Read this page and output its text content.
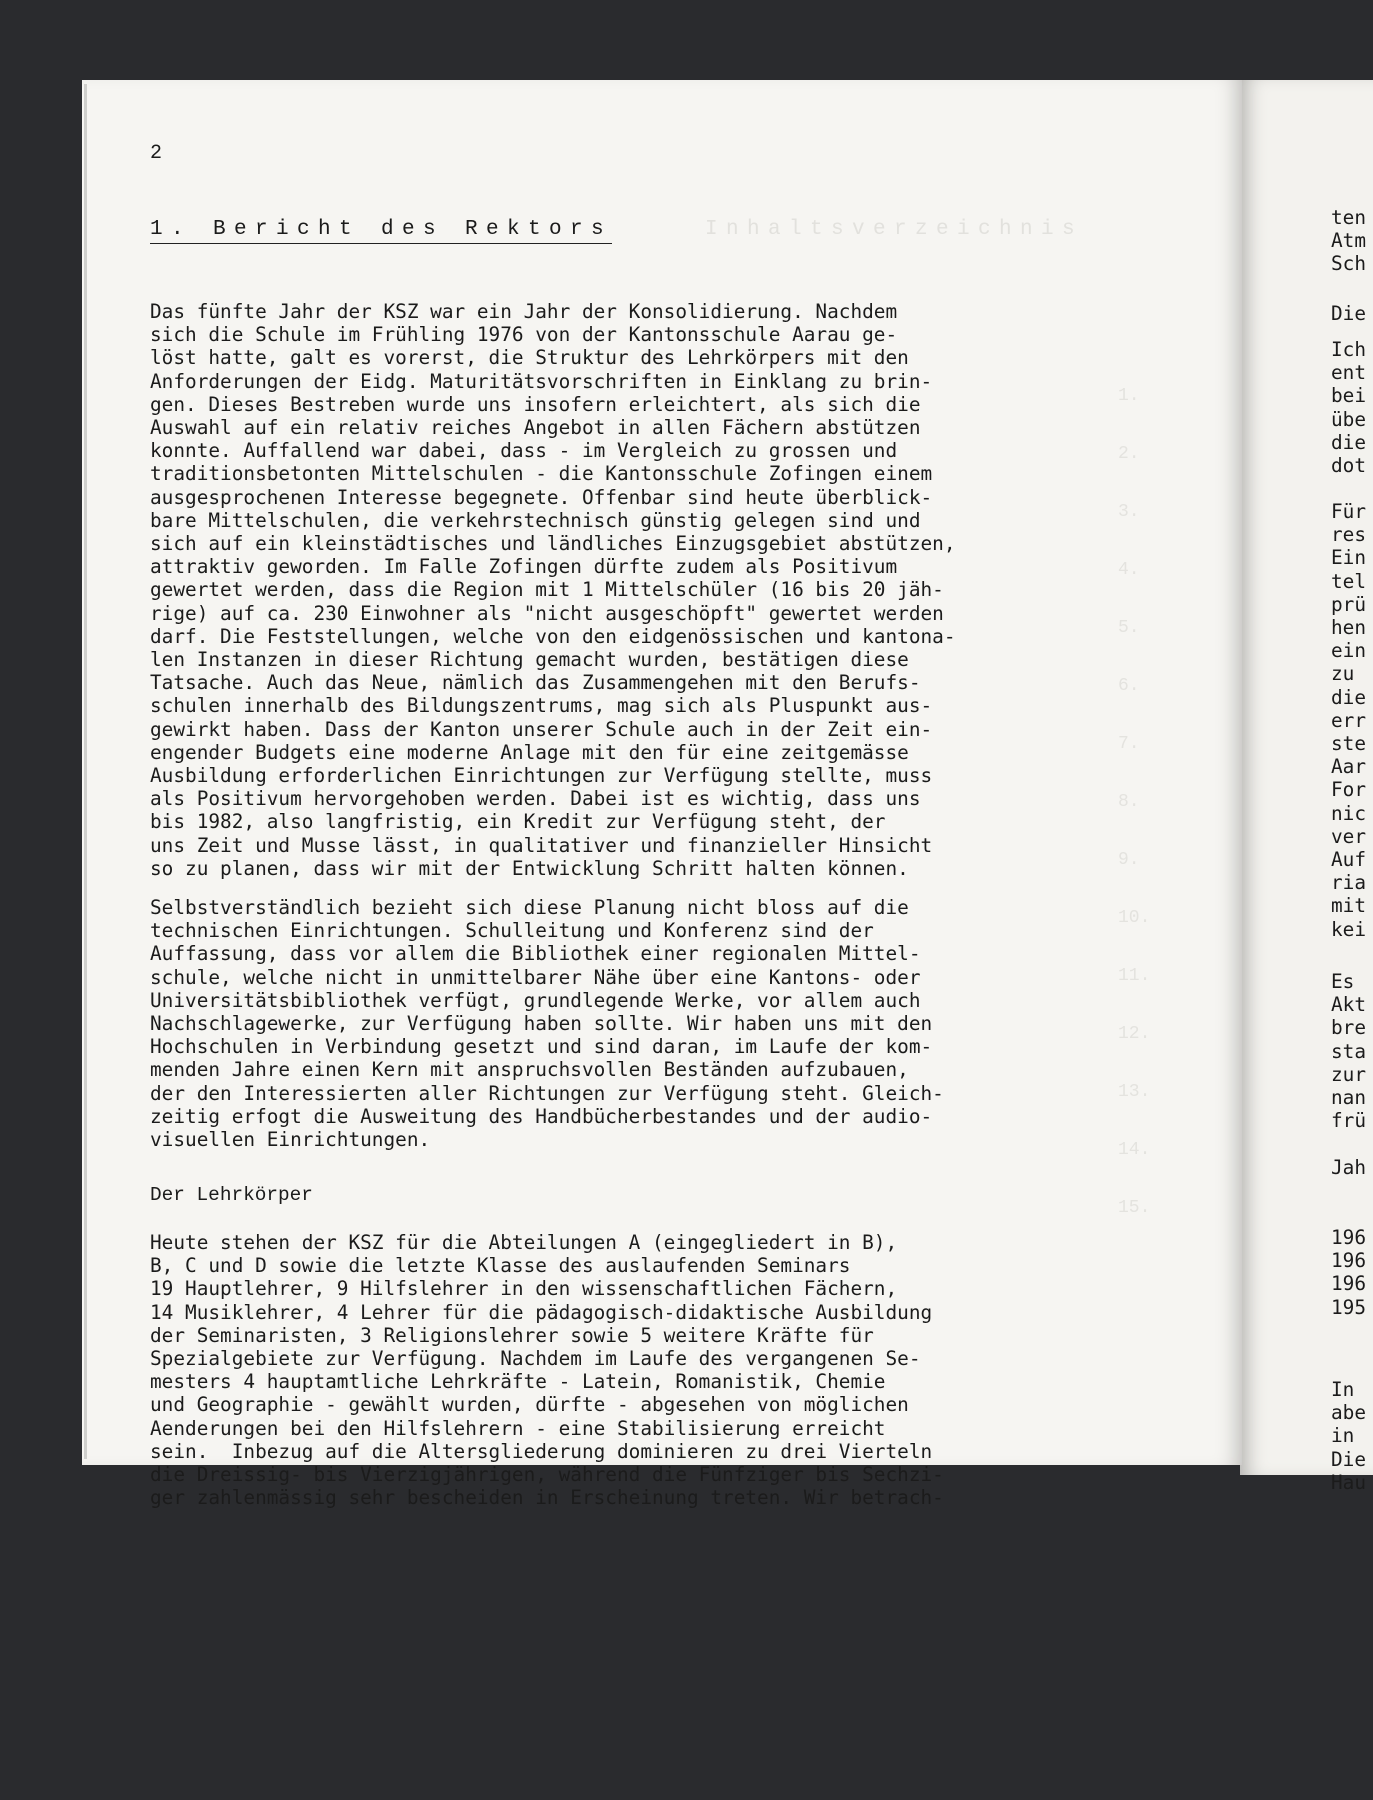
1.
2.
3.
4.
5.
6.
7.
8.
9.
10.
11.
12.
13.
14.
15.
Inhaltsverzeichnis
2
1. Bericht des Rektors
Das fünfte Jahr der KSZ war ein Jahr der Konsolidierung. Nachdem
sich die Schule im Frühling 1976 von der Kantonsschule Aarau ge-
löst hatte, galt es vorerst, die Struktur des Lehrkörpers mit den
Anforderungen der Eidg. Maturitätsvorschriften in Einklang zu brin-
gen. Dieses Bestreben wurde uns insofern erleichtert, als sich die
Auswahl auf ein relativ reiches Angebot in allen Fächern abstützen
konnte. Auffallend war dabei, dass - im Vergleich zu grossen und
traditionsbetonten Mittelschulen - die Kantonsschule Zofingen einem
ausgesprochenen Interesse begegnete. Offenbar sind heute überblick-
bare Mittelschulen, die verkehrstechnisch günstig gelegen sind und
sich auf ein kleinstädtisches und ländliches Einzugsgebiet abstützen,
attraktiv geworden. Im Falle Zofingen dürfte zudem als Positivum
gewertet werden, dass die Region mit 1 Mittelschüler (16 bis 20 jäh-
rige) auf ca. 230 Einwohner als "nicht ausgeschöpft" gewertet werden
darf. Die Feststellungen, welche von den eidgenössischen und kantona-
len Instanzen in dieser Richtung gemacht wurden, bestätigen diese
Tatsache. Auch das Neue, nämlich das Zusammengehen mit den Berufs-
schulen innerhalb des Bildungszentrums, mag sich als Pluspunkt aus-
gewirkt haben. Dass der Kanton unserer Schule auch in der Zeit ein-
engender Budgets eine moderne Anlage mit den für eine zeitgemässe
Ausbildung erforderlichen Einrichtungen zur Verfügung stellte, muss
als Positivum hervorgehoben werden. Dabei ist es wichtig, dass uns
bis 1982, also langfristig, ein Kredit zur Verfügung steht, der
uns Zeit und Musse lässt, in qualitativer und finanzieller Hinsicht
so zu planen, dass wir mit der Entwicklung Schritt halten können.
Selbstverständlich bezieht sich diese Planung nicht bloss auf die
technischen Einrichtungen. Schulleitung und Konferenz sind der
Auffassung, dass vor allem die Bibliothek einer regionalen Mittel-
schule, welche nicht in unmittelbarer Nähe über eine Kantons- oder
Universitätsbibliothek verfügt, grundlegende Werke, vor allem auch
Nachschlagewerke, zur Verfügung haben sollte. Wir haben uns mit den
Hochschulen in Verbindung gesetzt und sind daran, im Laufe der kom-
menden Jahre einen Kern mit anspruchsvollen Beständen aufzubauen,
der den Interessierten aller Richtungen zur Verfügung steht. Gleich-
zeitig erfogt die Ausweitung des Handbücherbestandes und der audio-
visuellen Einrichtungen.
Der Lehrkörper
Heute stehen der KSZ für die Abteilungen A (eingegliedert in B),
B, C und D sowie die letzte Klasse des auslaufenden Seminars
19 Hauptlehrer, 9 Hilfslehrer in den wissenschaftlichen Fächern,
14 Musiklehrer, 4 Lehrer für die pädagogisch-didaktische Ausbildung
der Seminaristen, 3 Religionslehrer sowie 5 weitere Kräfte für
Spezialgebiete zur Verfügung. Nachdem im Laufe des vergangenen Se-
mesters 4 hauptamtliche Lehrkräfte - Latein, Romanistik, Chemie
und Geographie - gewählt wurden, dürfte - abgesehen von möglichen
Aenderungen bei den Hilfslehrern - eine Stabilisierung erreicht
sein.  Inbezug auf die Altersgliederung dominieren zu drei Vierteln
die Dreissig- bis Vierzigjährigen, während die Fünfziger bis Sechzi-
ger zahlenmässig sehr bescheiden in Erscheinung treten. Wir betrach-
ten
Atm
Sch
Die
Ich
ent
bei
übe
die
dot
Für
res
Ein
tel
prü
hen
ein
zu
die
err
ste
Aar
For
nic
ver
Auf
ria
mit
kei
Es
Akt
bre
sta
zur
nan
frü
Jah
196
196
196
195
In
abe
in
Die
Hau
